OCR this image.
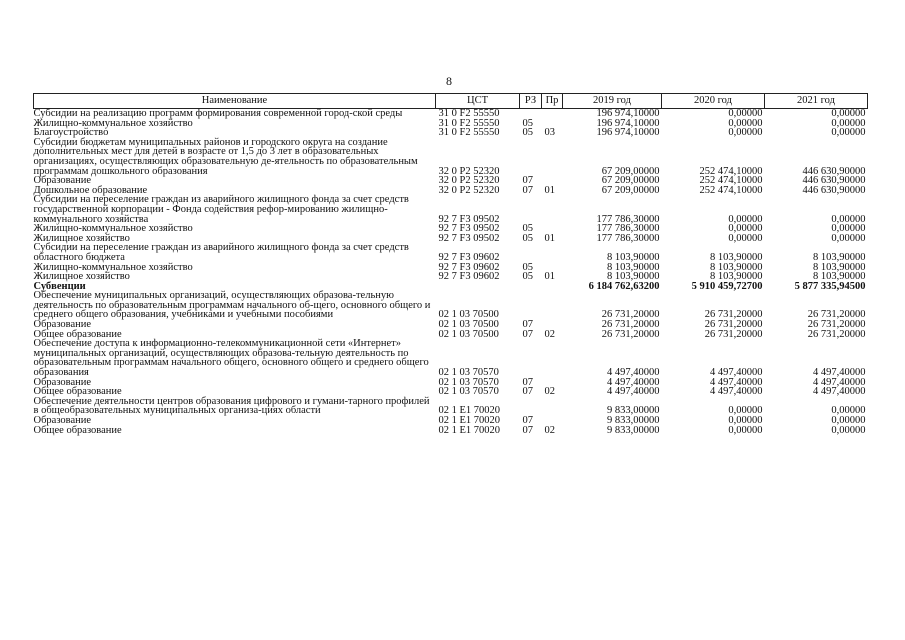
8
Наименование	ЦСТ	РЗ	Пр	2019 год	2020 год	2021 год
Субсидии на реализацию программ формирования современной город-ской среды	31 0 F2 55550			196 974,10000	0,00000	0,00000
Жилищно-коммунальное хозяйство	31 0 F2 55550	05		196 974,10000	0,00000	0,00000
Благоустройство	31 0 F2 55550	05	03	196 974,10000	0,00000	0,00000
Субсидии бюджетам муниципальных районов и городского округа на создание дополнительных мест для детей в возрасте от 1,5 до 3 лет в образовательных организациях, осуществляющих образовательную де-ятельность по образовательным программам дошкольного образования	32 0 P2 52320			67 209,00000	252 474,10000	446 630,90000
Образование	32 0 P2 52320	07		67 209,00000	252 474,10000	446 630,90000
Дошкольное образование	32 0 P2 52320	07	01	67 209,00000	252 474,10000	446 630,90000
Субсидии на переселение граждан из аварийного жилищного фонда за счет средств государственной корпорации - Фонда содействия рефор-мированию жилищно-коммунального хозяйства	92 7 F3 09502			177 786,30000	0,00000	0,00000
Жилищно-коммунальное хозяйство	92 7 F3 09502	05		177 786,30000	0,00000	0,00000
Жилищное хозяйство	92 7 F3 09502	05	01	177 786,30000	0,00000	0,00000
Субсидии на переселение граждан из аварийного жилищного фонда за счет средств областного бюджета	92 7 F3 09602			8 103,90000	8 103,90000	8 103,90000
Жилищно-коммунальное хозяйство	92 7 F3 09602	05		8 103,90000	8 103,90000	8 103,90000
Жилищное хозяйство	92 7 F3 09602	05	01	8 103,90000	8 103,90000	8 103,90000
Субвенции				6 184 762,63200	5 910 459,72700	5 877 335,94500
Обеспечение муниципальных организаций, осуществляющих образова-тельную деятельность по образовательным программам начального об-щего, основного общего и среднего общего образования, учебниками и учебными пособиями	02 1 03 70500			26 731,20000	26 731,20000	26 731,20000
Образование	02 1 03 70500	07		26 731,20000	26 731,20000	26 731,20000
Общее образование	02 1 03 70500	07	02	26 731,20000	26 731,20000	26 731,20000
Обеспечение доступа к информационно-телекоммуникационной сети «Интернет» муниципальных организаций, осуществляющих образова-тельную деятельность по образовательным программам начального общего, основного общего и среднего общего образования	02 1 03 70570			4 497,40000	4 497,40000	4 497,40000
Образование	02 1 03 70570	07		4 497,40000	4 497,40000	4 497,40000
Общее образование	02 1 03 70570	07	02	4 497,40000	4 497,40000	4 497,40000
Обеспечение деятельности центров образования цифрового и гумани-тарного профилей в общеобразовательных муниципальных организа-циях области	02 1 E1 70020			9 833,00000	0,00000	0,00000
Образование	02 1 E1 70020	07		9 833,00000	0,00000	0,00000
Общее образование	02 1 E1 70020	07	02	9 833,00000	0,00000	0,00000
